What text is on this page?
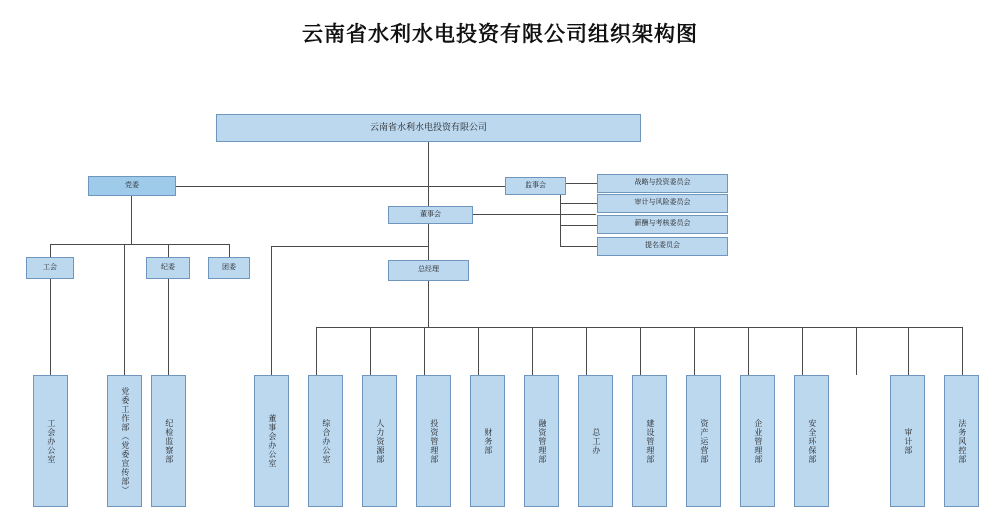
云南省水利水电投资有限公司组织架构图
云南省水利水电投资有限公司
党委	监事会
董事会
战略与投资委员会
审计与风险委员会
薪酬与考核委员会
提名委员会
工会	纪委	团委	总经理
工会办公室	党委工作部（党委宣传部）	纪检监察部	董事会办公室	综合办公室	人力资源部	投资管理部	财务部	融资管理部	总工办	建设管理部	资产运营部	企业管理部	安全环保部	审计部	法务风控部
